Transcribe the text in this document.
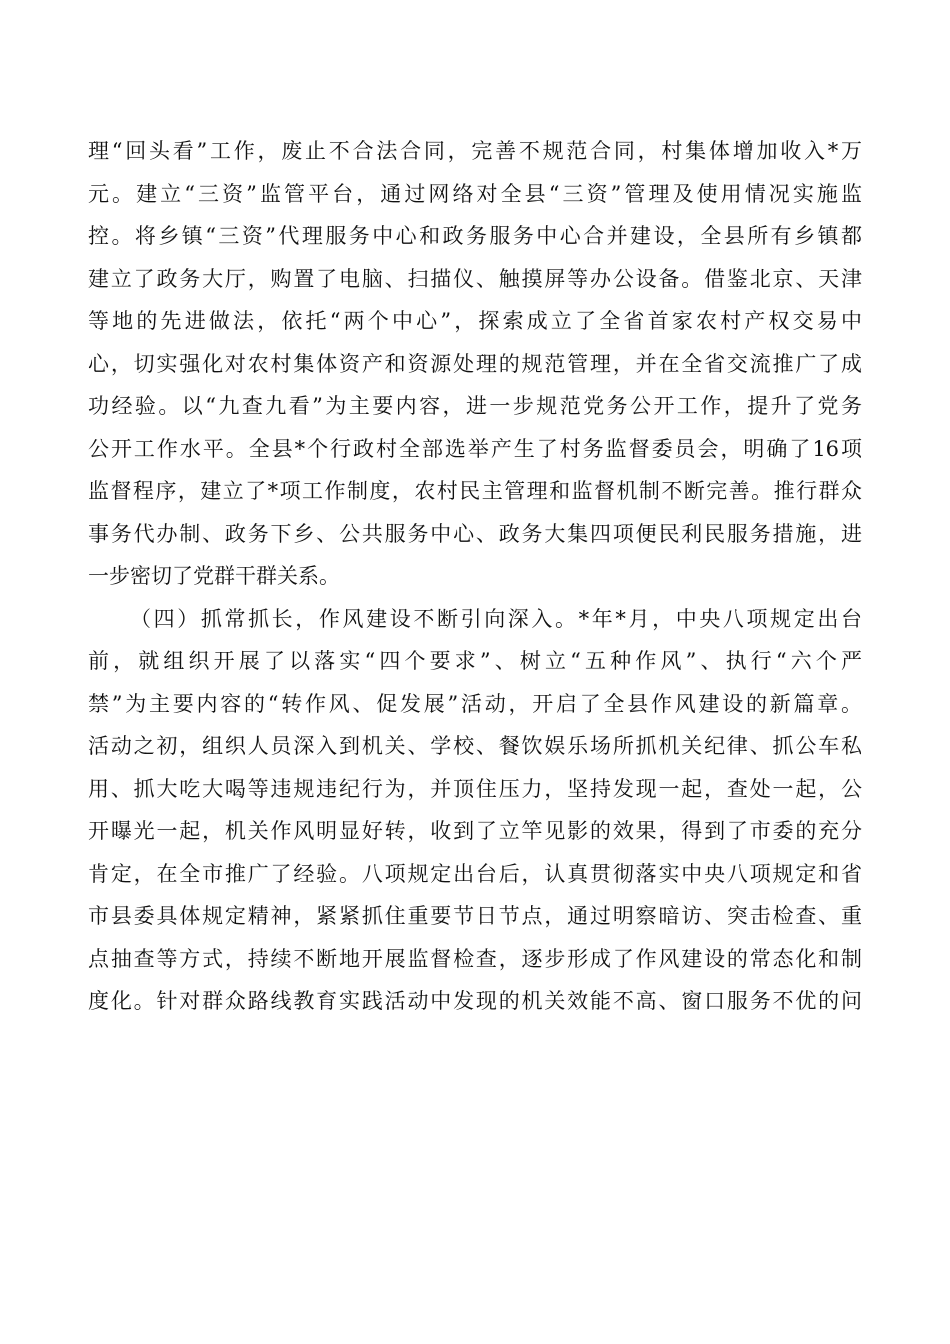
理“回头看”工作，废止不合法合同，完善不规范合同，村集体增加收入*万
元。建立“三资”监管平台，通过网络对全县“三资”管理及使用情况实施监
控。将乡镇“三资”代理服务中心和政务服务中心合并建设，全县所有乡镇都
建立了政务大厅，购置了电脑、扫描仪、触摸屏等办公设备。借鉴北京、天津
等地的先进做法，依托“两个中心”，探索成立了全省首家农村产权交易中
心，切实强化对农村集体资产和资源处理的规范管理，并在全省交流推广了成
功经验。以“九查九看”为主要内容，进一步规范党务公开工作，提升了党务
公开工作水平。全县*个行政村全部选举产生了村务监督委员会，明确了16项
监督程序，建立了*项工作制度，农村民主管理和监督机制不断完善。推行群众
事务代办制、政务下乡、公共服务中心、政务大集四项便民利民服务措施，进
一步密切了党群干群关系。
（四）抓常抓长，作风建设不断引向深入。*年*月，中央八项规定出台
前，就组织开展了以落实“四个要求”、树立“五种作风”、执行“六个严
禁”为主要内容的“转作风、促发展”活动，开启了全县作风建设的新篇章。
活动之初，组织人员深入到机关、学校、餐饮娱乐场所抓机关纪律、抓公车私
用、抓大吃大喝等违规违纪行为，并顶住压力，坚持发现一起，查处一起，公
开曝光一起，机关作风明显好转，收到了立竿见影的效果，得到了市委的充分
肯定，在全市推广了经验。八项规定出台后，认真贯彻落实中央八项规定和省
市县委具体规定精神，紧紧抓住重要节日节点，通过明察暗访、突击检查、重
点抽查等方式，持续不断地开展监督检查，逐步形成了作风建设的常态化和制
度化。针对群众路线教育实践活动中发现的机关效能不高、窗口服务不优的问
